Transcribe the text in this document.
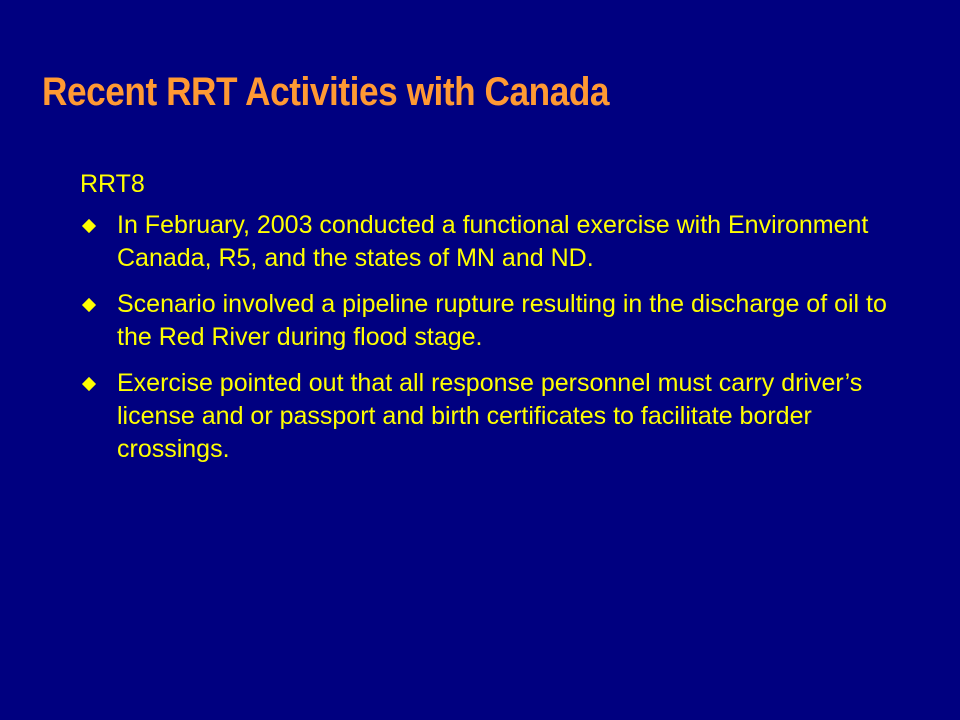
Recent RRT Activities with Canada

RRT8

In February, 2003 conducted a functional exercise with Environment Canada, R5, and the states of MN and ND.
Scenario involved a pipeline rupture resulting in the discharge of oil to the Red River during flood stage.
Exercise pointed out that all response personnel must carry driver’s license and or passport and birth certificates to facilitate border crossings.
